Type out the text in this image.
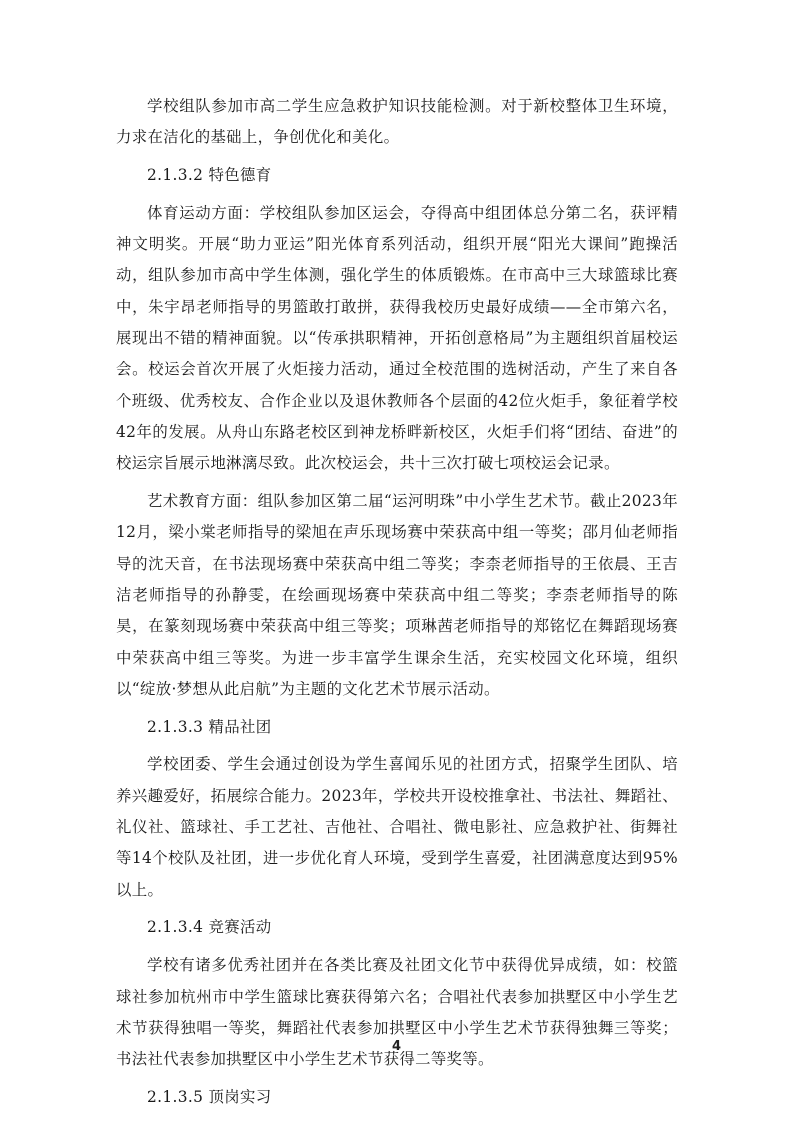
学校组队参加市高二学生应急救护知识技能检测。对于新校整体卫生环境，力求在洁化的基础上，争创优化和美化。

2.1.3.2 特色德育

体育运动方面：学校组队参加区运会，夺得高中组团体总分第二名，获评精神文明奖。开展“助力亚运”阳光体育系列活动，组织开展“阳光大课间”跑操活动，组队参加市高中学生体测，强化学生的体质锻炼。在市高中三大球篮球比赛中，朱宇昂老师指导的男篮敢打敢拼，获得我校历史最好成绩——全市第六名，展现出不错的精神面貌。以“传承拱职精神，开拓创意格局”为主题组织首届校运会。校运会首次开展了火炬接力活动，通过全校范围的选树活动，产生了来自各个班级、优秀校友、合作企业以及退休教师各个层面的42位火炬手，象征着学校42年的发展。从舟山东路老校区到神龙桥畔新校区，火炬手们将“团结、奋进”的校运宗旨展示地淋漓尽致。此次校运会，共十三次打破七项校运会记录。

艺术教育方面：组队参加区第二届“运河明珠”中小学生艺术节。截止2023年12月，梁小棠老师指导的梁旭在声乐现场赛中荣获高中组一等奖；邵月仙老师指导的沈天音，在书法现场赛中荣获高中组二等奖；李柰老师指导的王依晨、王吉洁老师指导的孙静雯，在绘画现场赛中荣获高中组二等奖；李柰老师指导的陈昊，在篆刻现场赛中荣获高中组三等奖；项琳茜老师指导的郑铭忆在舞蹈现场赛中荣获高中组三等奖。为进一步丰富学生课余生活，充实校园文化环境，组织以“绽放·梦想从此启航”为主题的文化艺术节展示活动。

2.1.3.3 精品社团

学校团委、学生会通过创设为学生喜闻乐见的社团方式，招聚学生团队、培养兴趣爱好，拓展综合能力。2023年，学校共开设校推拿社、书法社、舞蹈社、礼仪社、篮球社、手工艺社、吉他社、合唱社、微电影社、应急救护社、街舞社等14个校队及社团，进一步优化育人环境，受到学生喜爱，社团满意度达到95%以上。

2.1.3.4 竞赛活动

学校有诸多优秀社团并在各类比赛及社团文化节中获得优异成绩，如：校篮球社参加杭州市中学生篮球比赛获得第六名；合唱社代表参加拱墅区中小学生艺术节获得独唱一等奖，舞蹈社代表参加拱墅区中小学生艺术节获得独舞三等奖；书法社代表参加拱墅区中小学生艺术节获得二等奖等。

2.1.3.5 顶岗实习

4
